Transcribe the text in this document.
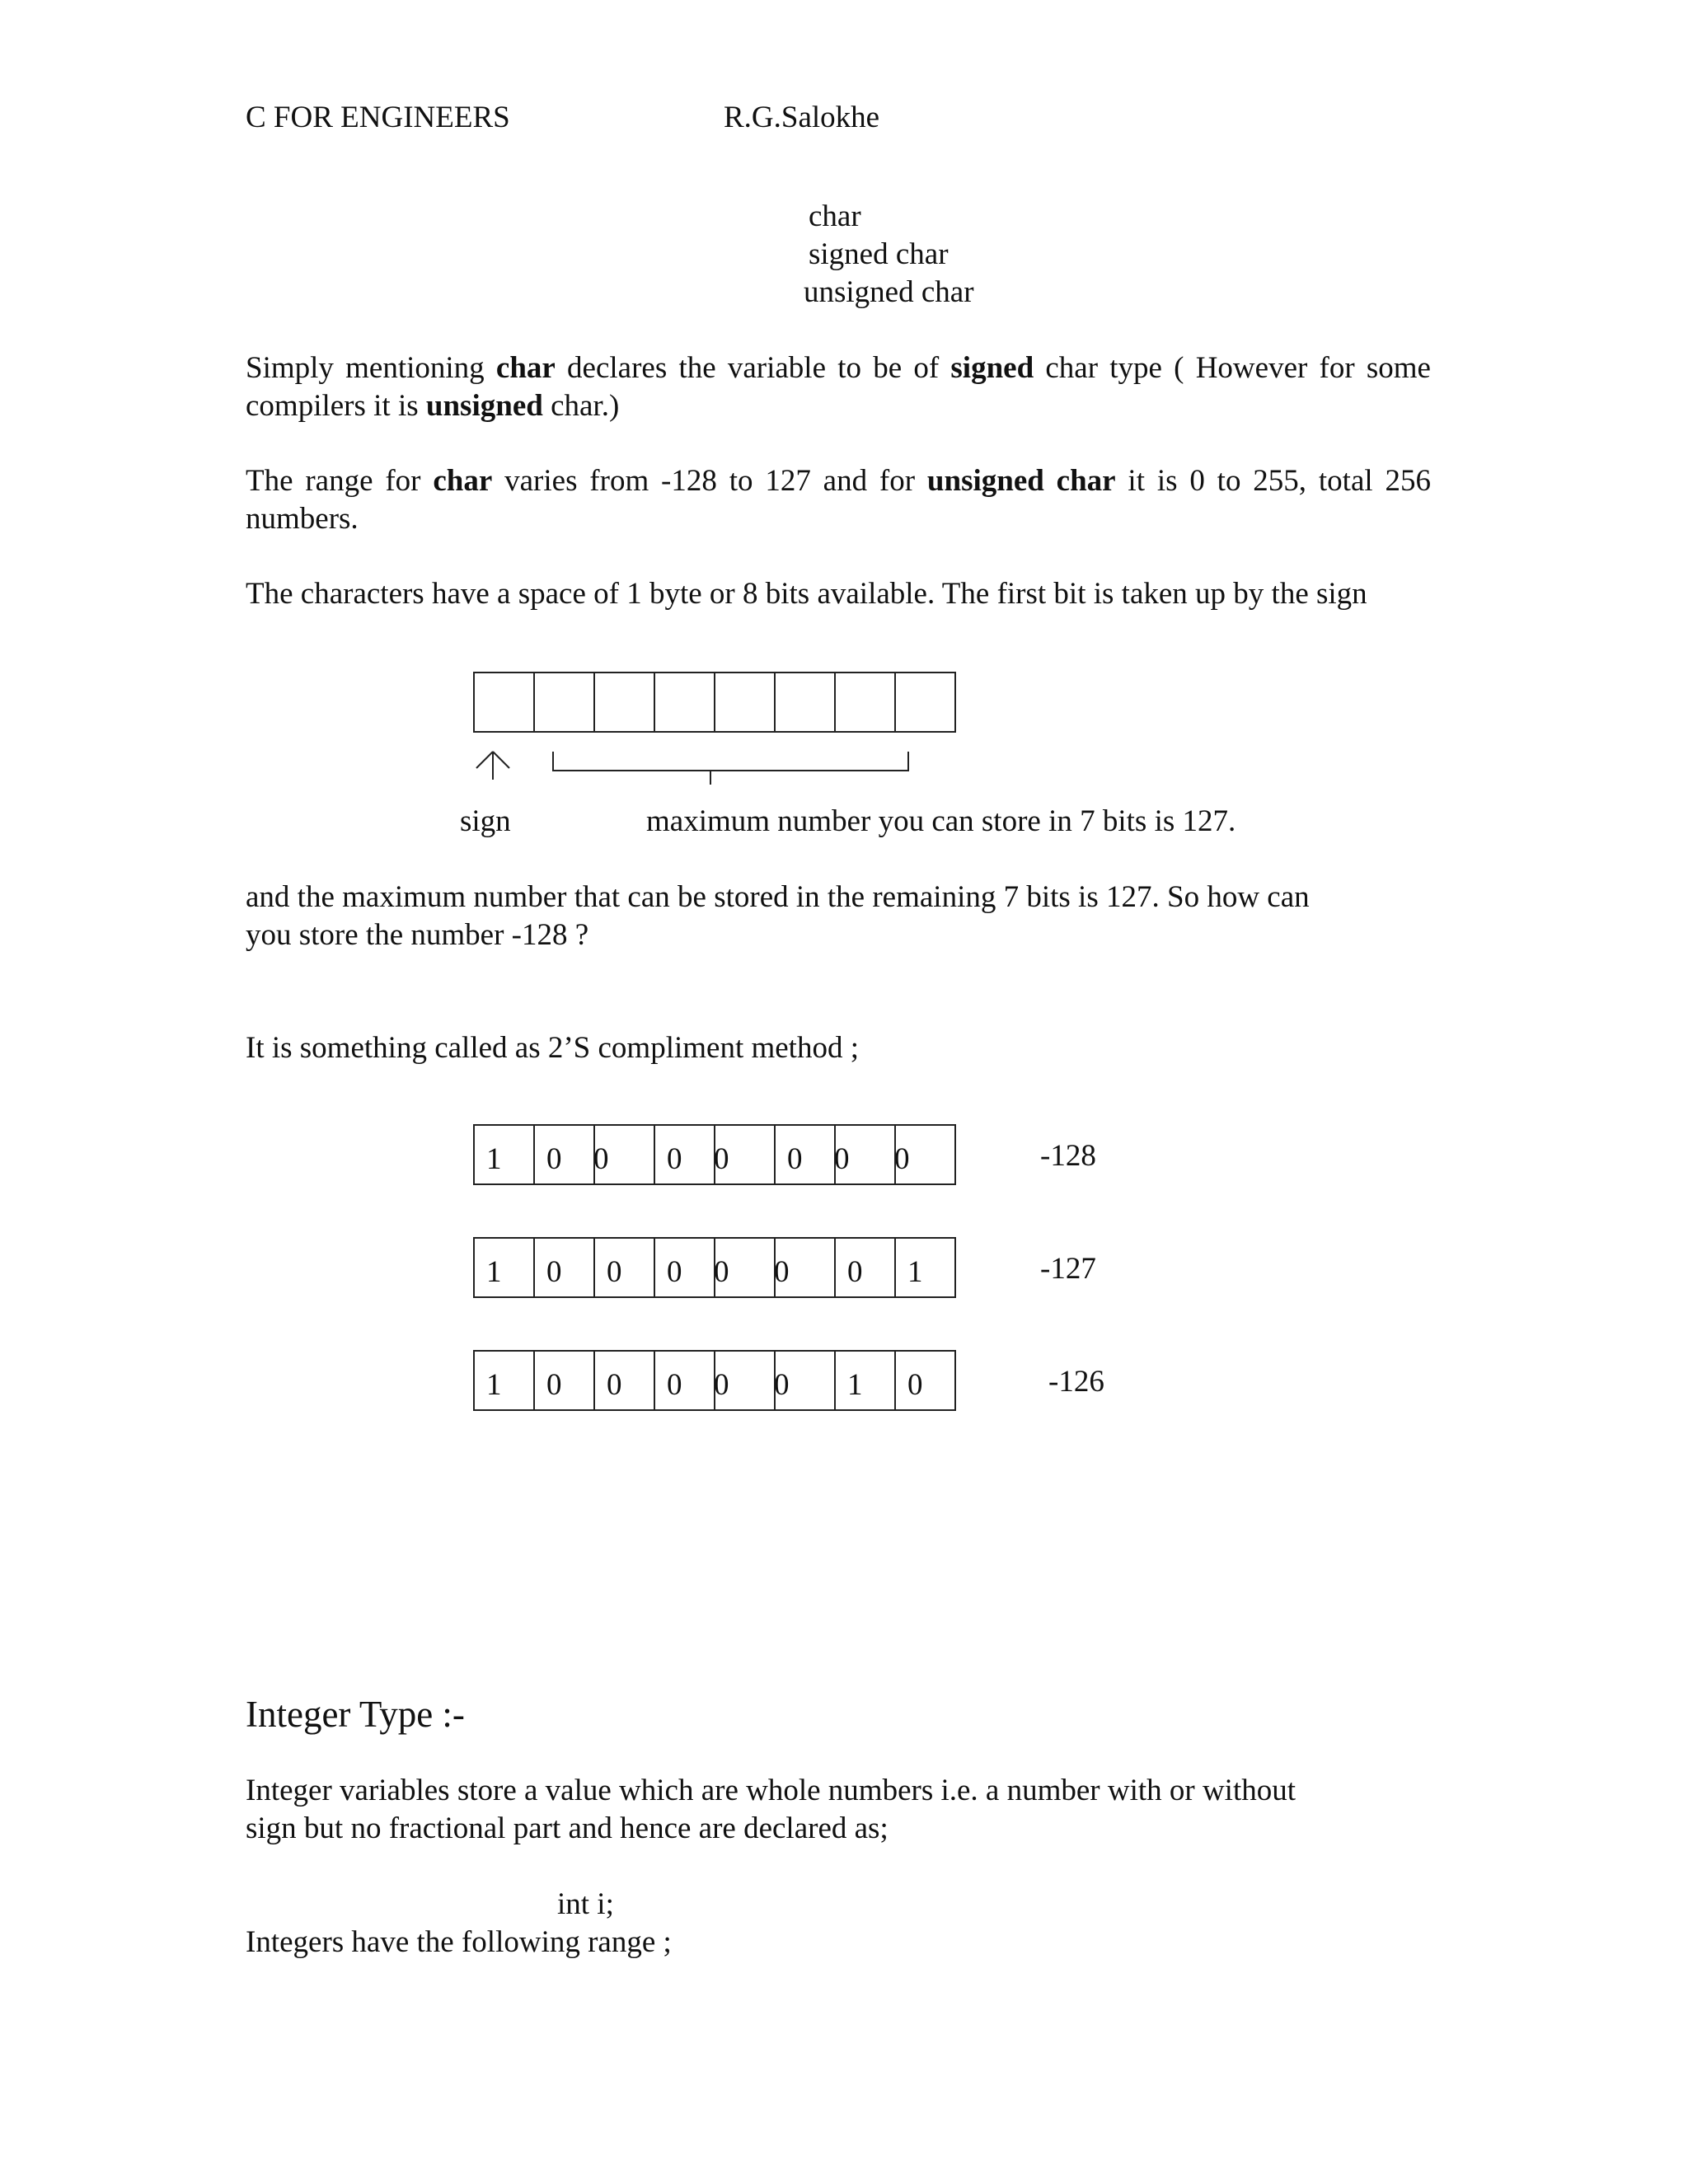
C FOR ENGINEERS	R.G.Salokhe
char
signed char
unsigned char
Simply mentioning char declares the variable to be of signed char type ( However for some compilers it is unsigned char.)
The range for char varies from -128 to 127 and for unsigned char it is 0 to 255, total 256 numbers.
The characters have a space of 1 byte or 8 bits available. The first bit is taken up by the sign
sign	maximum number you can store in 7 bits is 127.
and the maximum number that can be stored in the remaining 7 bits is 127. So how can
you store the number -128 ?
It is something called as 2’S compliment method ;
1 0 0 0 0 0 0 0	-128
1 0 0 0 0 0 0 1	-127
1 0 0 0 0 0 1 0	-126
Integer Type :-
Integer variables store a value which are whole numbers i.e. a number with or without
sign but no fractional part and hence are declared as;
int i;
Integers have the following range ;
